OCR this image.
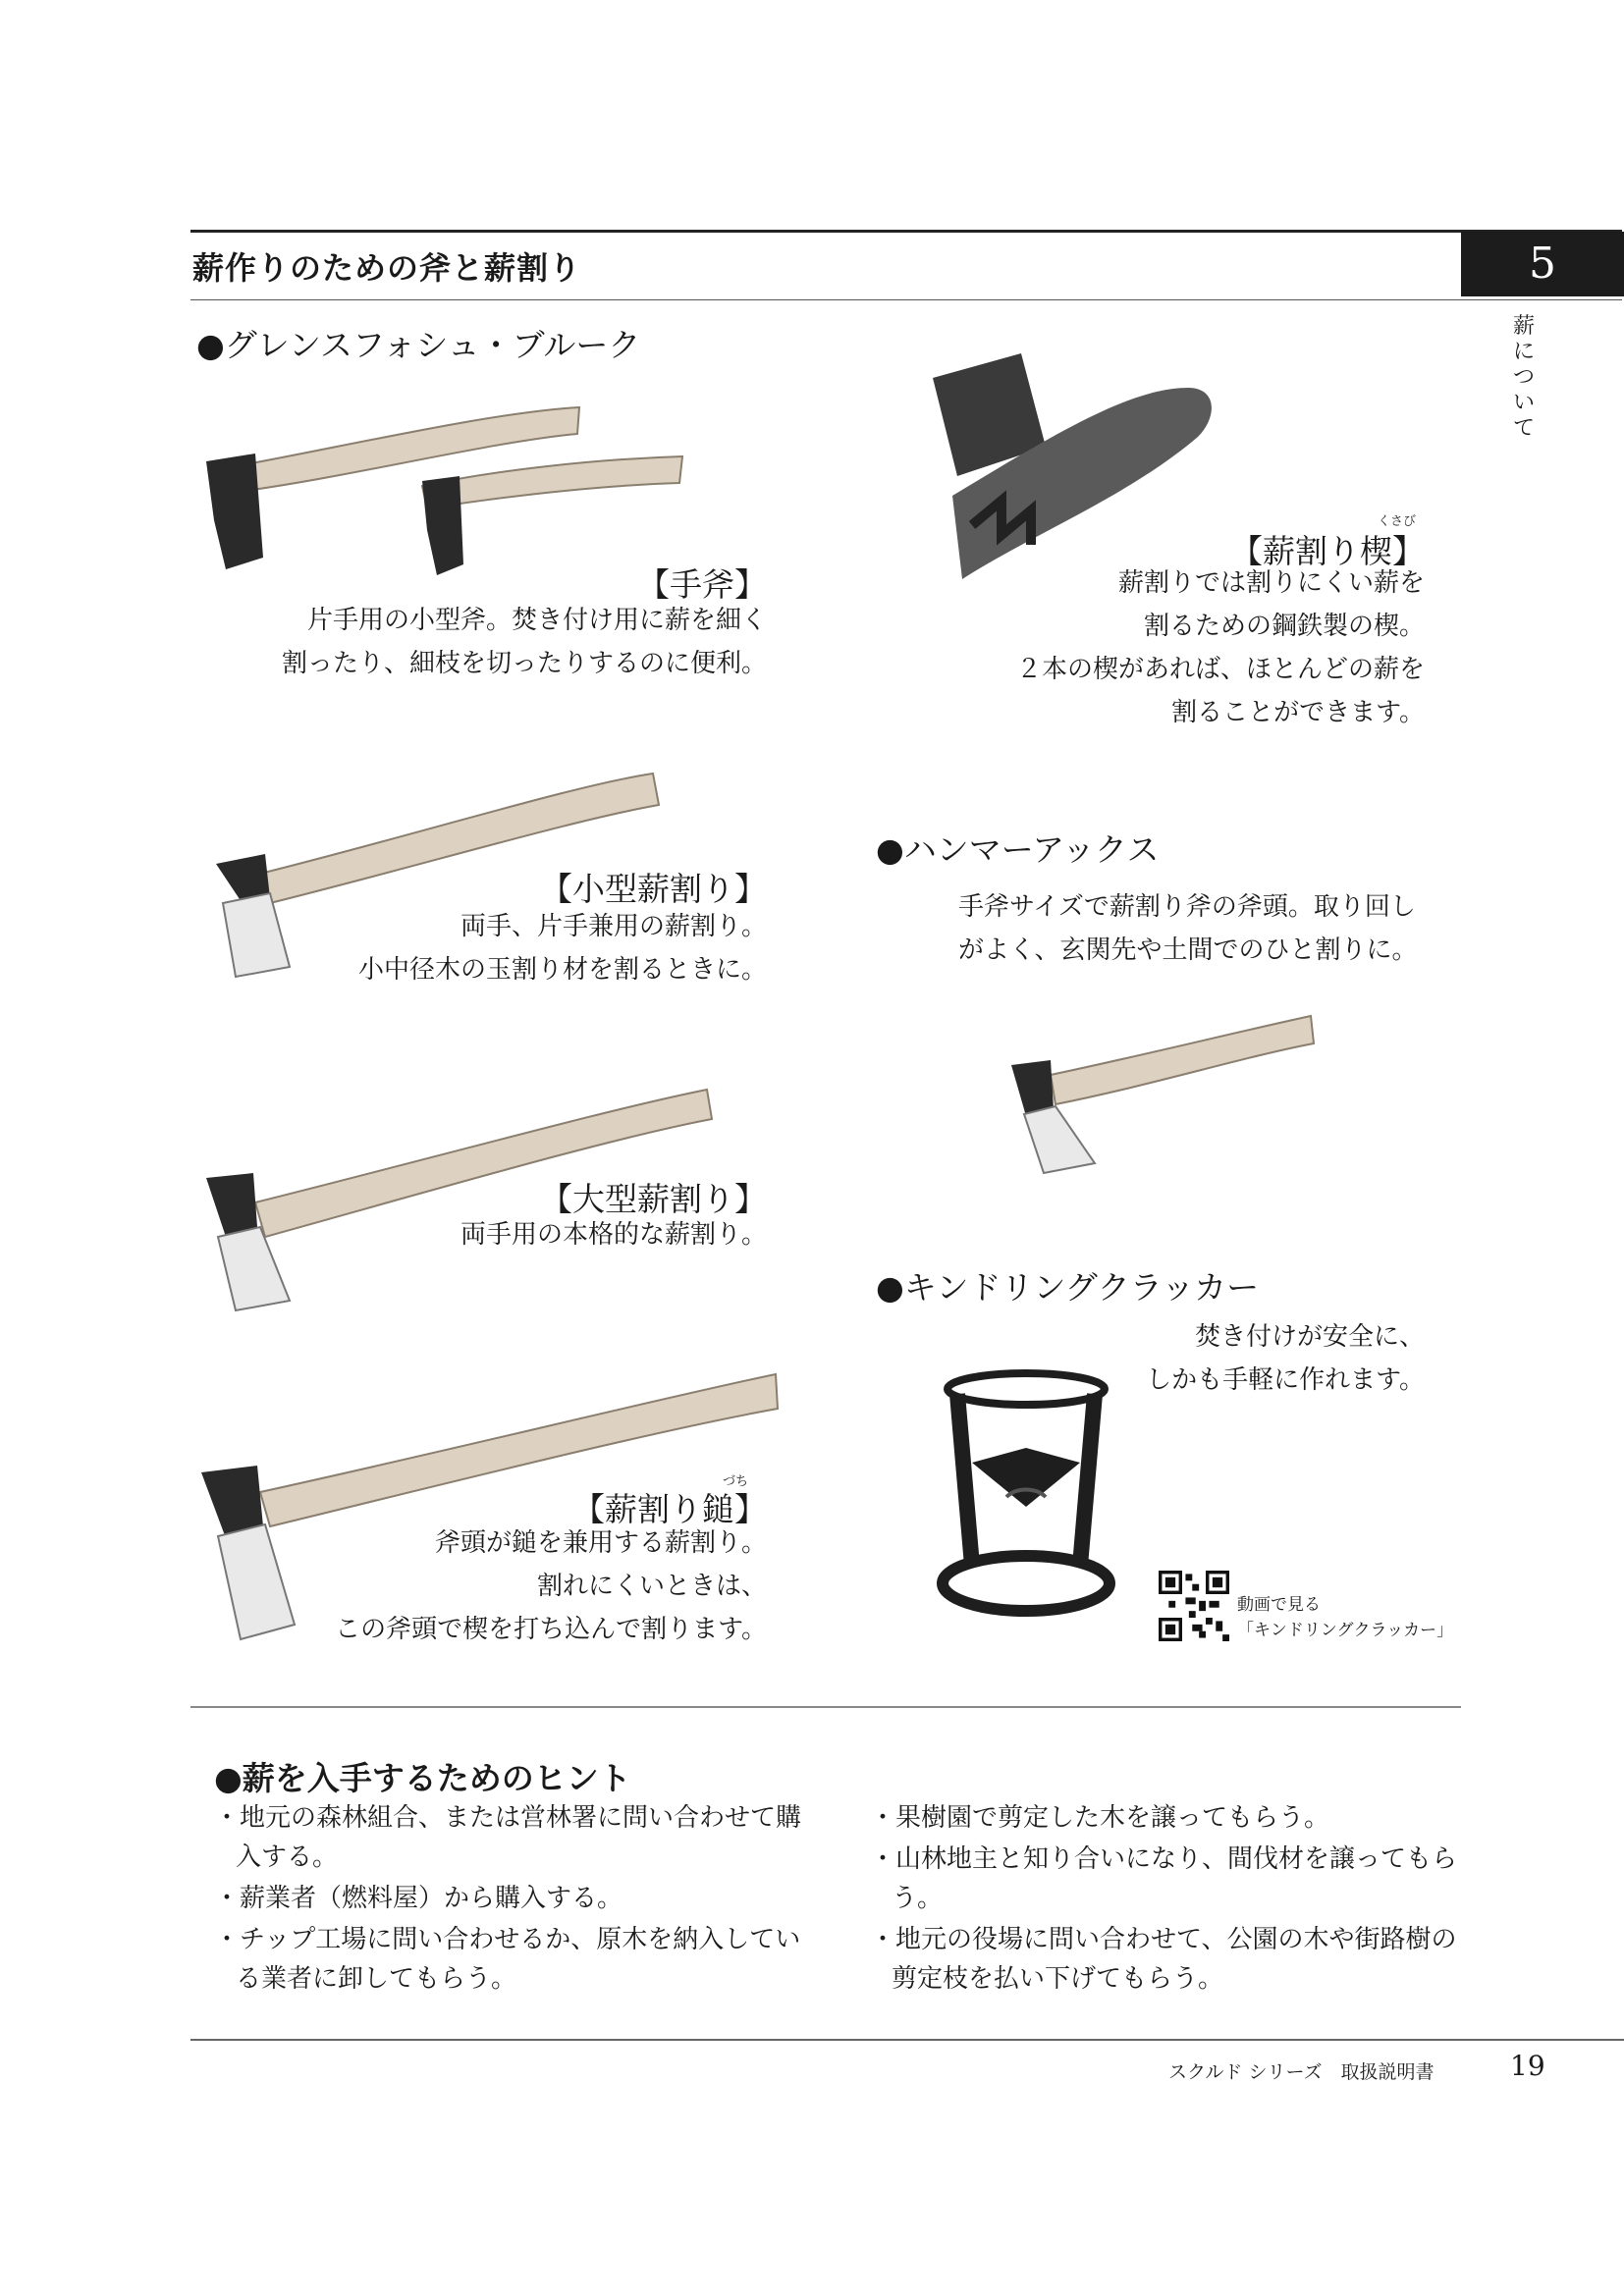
薪作りのための斧と薪割り	5
薪について
●グレンスフォシュ・ブルーク
【手斧】
片手用の小型斧。焚き付け用に薪を細く
割ったり、細枝を切ったりするのに便利。
【小型薪割り】
両手、片手兼用の薪割り。
小中径木の玉割り材を割るときに。
【大型薪割り】
両手用の本格的な薪割り。
づち
【薪割り鎚】
斧頭が鎚を兼用する薪割り。
割れにくいときは、
この斧頭で楔を打ち込んで割ります。
くさび
【薪割り楔】
薪割りでは割りにくい薪を
割るための鋼鉄製の楔。
２本の楔があれば、ほとんどの薪を
割ることができます。
●ハンマーアックス
手斧サイズで薪割り斧の斧頭。取り回し
がよく、玄関先や土間でのひと割りに。
●キンドリングクラッカー
焚き付けが安全に、
しかも手軽に作れます。
動画で見る
「キンドリングクラッカー」
●薪を入手するためのヒント
・地元の森林組合、または営林署に問い合わせて購入する。
・薪業者（燃料屋）から購入する。
・チップ工場に問い合わせるか、原木を納入している業者に卸してもらう。
・果樹園で剪定した木を譲ってもらう。
・山林地主と知り合いになり、間伐材を譲ってもらう。
・地元の役場に問い合わせて、公園の木や街路樹の剪定枝を払い下げてもらう。
スクルド シリーズ　取扱説明書	19
